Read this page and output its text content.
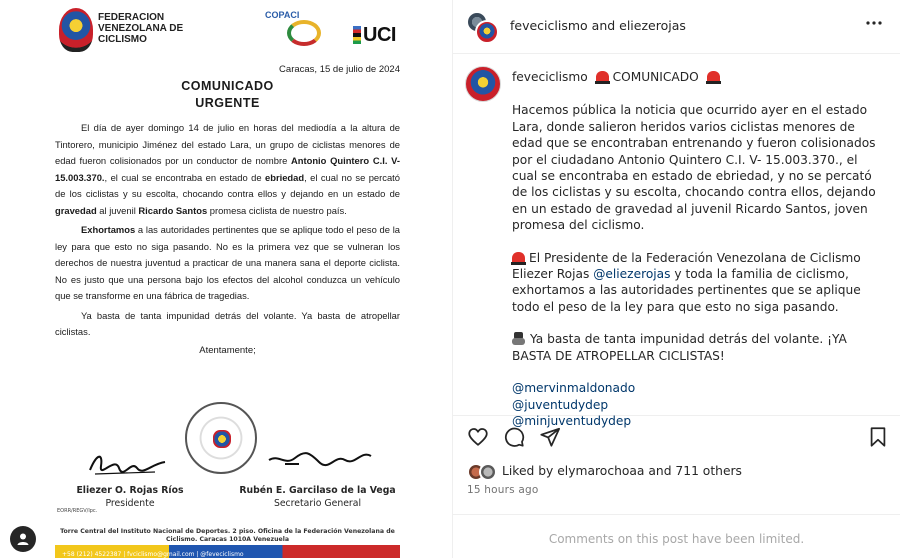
FEDERACION VENEZOLANA DE CICLISMO
COPACI
UCI
Caracas, 15 de julio de 2024
COMUNICADO
URGENTE

El día de ayer domingo 14 de julio en horas del mediodía a la altura de Tintorero, municipio Jiménez del estado Lara, un grupo de ciclistas menores de edad fueron colisionados por un conductor de nombre Antonio Quintero C.I. V- 15.003.370., el cual se encontraba en estado de ebriedad, el cual no se percató de los ciclistas y su escolta, chocando contra ellos y dejando en un estado de gravedad al juvenil Ricardo Santos promesa ciclista de nuestro país.

Exhortamos a las autoridades pertinentes que se aplique todo el peso de la ley para que esto no siga pasando. No es la primera vez que se vulneran los derechos de nuestra juventud a practicar de una manera sana el deporte ciclista. No es justo que una persona bajo los efectos del alcohol conduzca un vehículo que se transforme en una fábrica de tragedias.

Ya basta de tanta impunidad detrás del volante. Ya basta de atropellar ciclistas.

Atentamente;
Eliezer O. Rojas Ríos
Presidente
Rubén E. Garcilaso de la Vega
Secretario General
EORR/REGV/lpc.
Torre Central del Instituto Nacional de Deportes. 2 piso. Oficina de la Federación Venezolana de Ciclismo. Caracas 1010A Venezuela
+58 (212) 4522387 | fvciclismo@gmail.com | @feveciclismo
feveciclismo and eliezerojas
feveciclismo COMUNICADO

Hacemos pública la noticia que ocurrido ayer en el estado Lara, donde salieron heridos varios ciclistas menores de edad que se encontraban entrenando y fueron colisionados por el ciudadano Antonio Quintero C.I. V- 15.003.370., el cual se encontraba en estado de ebriedad, y no se percató de los ciclistas y su escolta, chocando contra ellos, dejando en un estado de gravedad al juvenil Ricardo Santos, joven promesa del ciclismo.

El Presidente de la Federación Venezolana de Ciclismo Eliezer Rojas @eliezerojas y toda la familia de ciclismo, exhortamos a las autoridades pertinentes que se aplique todo el peso de la ley para que esto no siga pasando.

Ya basta de tanta impunidad detrás del volante. ¡YA BASTA DE ATROPELLAR CICLISTAS!

@mervinmaldonado
@juventudydep
@minjuventudydep
Liked by elymarochoaa and 711 others
15 hours ago
Comments on this post have been limited.
